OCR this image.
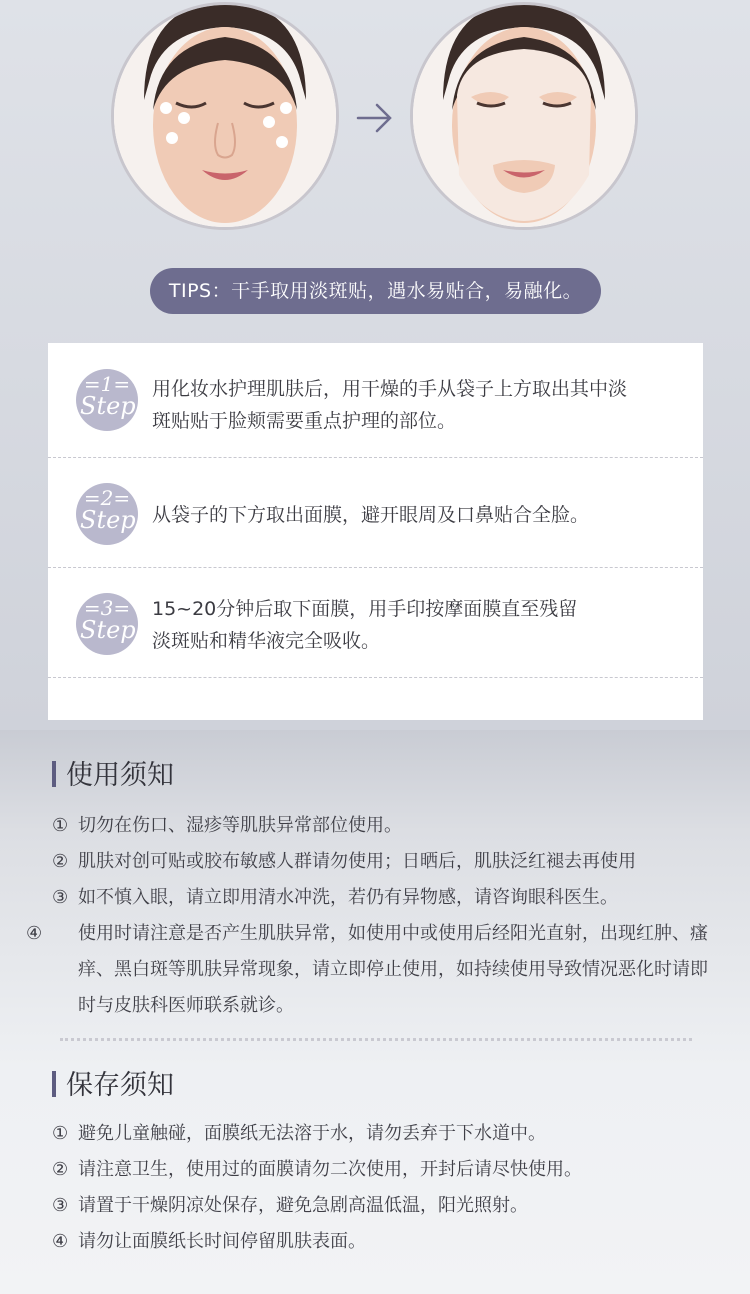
TIPS：干手取用淡斑贴，遇水易贴合，易融化。
=1=
Step
用化妆水护理肌肤后，用干燥的手从袋子上方取出其中淡
斑贴贴于脸颊需要重点护理的部位。
=2=
Step 从袋子的下方取出面膜，避开眼周及口鼻贴合全脸。
=3=
Step
15~20分钟后取下面膜，用手印按摩面膜直至残留
淡斑贴和精华液完全吸收。
使用须知
① 切勿在伤口、湿疹等肌肤异常部位使用。
② 肌肤对创可贴或胶布敏感人群请勿使用；日晒后，肌肤泛红褪去再使用
③ 如不慎入眼，请立即用清水冲洗，若仍有异物感，请咨询眼科医生。
④ 使用时请注意是否产生肌肤异常，如使用中或使用后经阳光直射，出现红肿、瘙痒、黑白斑等肌肤异常现象，请立即停止使用，如持续使用导致情况恶化时请即时与皮肤科医师联系就诊。
保存须知
① 避免儿童触碰，面膜纸无法溶于水，请勿丢弃于下水道中。
② 请注意卫生，使用过的面膜请勿二次使用，开封后请尽快使用。
③ 请置于干燥阴凉处保存，避免急剧高温低温，阳光照射。
④ 请勿让面膜纸长时间停留肌肤表面。
